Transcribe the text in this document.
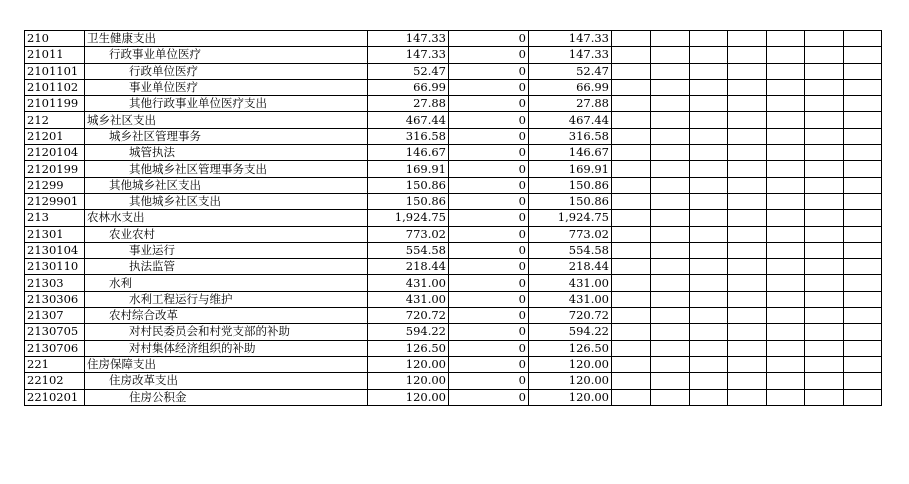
210	卫生健康支出	147.33	0	147.33							
21011	行政事业单位医疗	147.33	0	147.33							
2101101	行政单位医疗	52.47	0	52.47							
2101102	事业单位医疗	66.99	0	66.99							
2101199	其他行政事业单位医疗支出	27.88	0	27.88							
212	城乡社区支出	467.44	0	467.44							
21201	城乡社区管理事务	316.58	0	316.58							
2120104	城管执法	146.67	0	146.67							
2120199	其他城乡社区管理事务支出	169.91	0	169.91							
21299	其他城乡社区支出	150.86	0	150.86							
2129901	其他城乡社区支出	150.86	0	150.86							
213	农林水支出	1,924.75	0	1,924.75							
21301	农业农村	773.02	0	773.02							
2130104	事业运行	554.58	0	554.58							
2130110	执法监管	218.44	0	218.44							
21303	水利	431.00	0	431.00							
2130306	水利工程运行与维护	431.00	0	431.00							
21307	农村综合改革	720.72	0	720.72							
2130705	对村民委员会和村党支部的补助	594.22	0	594.22							
2130706	对村集体经济组织的补助	126.50	0	126.50							
221	住房保障支出	120.00	0	120.00							
22102	住房改革支出	120.00	0	120.00							
2210201	住房公积金	120.00	0	120.00							
